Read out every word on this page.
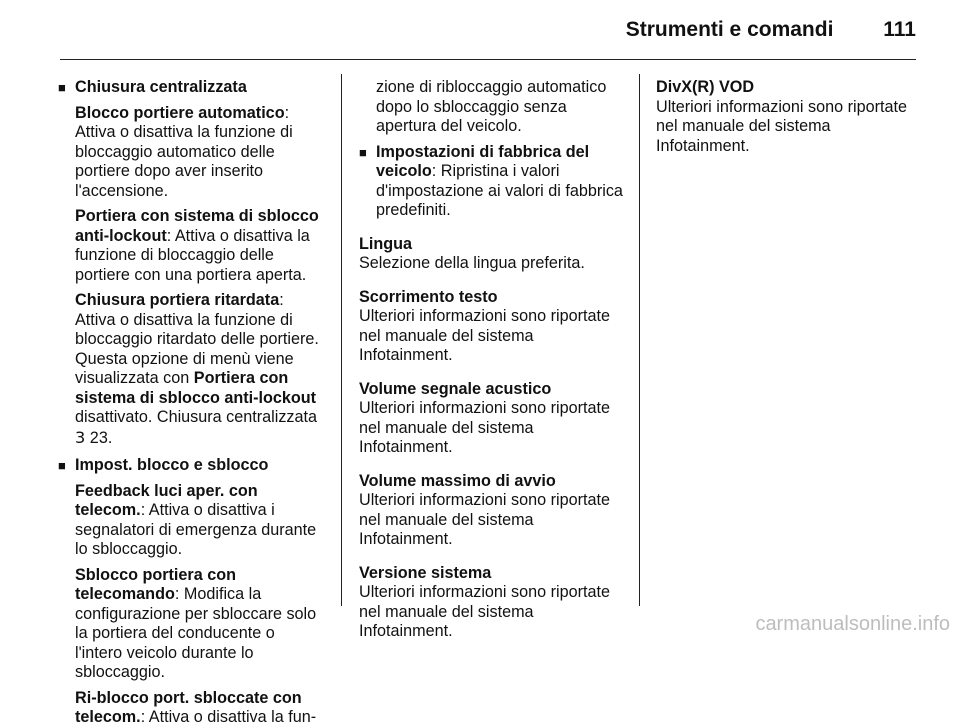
Strumenti e comandi 111
■ Chiusura centralizzata
Blocco portiere automatico: Attiva o disattiva la funzione di bloccaggio automatico delle portiere dopo aver inserito l'accensione.
Portiera con sistema di sblocco anti-lockout: Attiva o disattiva la funzione di bloccaggio delle portiere con una portiera aperta.
Chiusura portiera ritardata: Attiva o disattiva la funzione di bloccaggio ritardato delle portiere. Questa opzione di menù viene visualizzata con Portiera con sistema di sblocco anti-lockout disattivato. Chiusura centralizzata 3 23.
■ Impost. blocco e sblocco
Feedback luci aper. con telecom.: Attiva o disattiva i segnalatori di emergenza durante lo sbloccaggio.
Sblocco portiera con telecomando: Modifica la configurazione per sbloccare solo la portiera del conducente o l'intero veicolo durante lo sbloccaggio.
Ri-blocco port. sbloccate con telecom.: Attiva o disattiva la fun-
zione di ribloccaggio automatico dopo lo sbloccaggio senza apertura del veicolo.
■ Impostazioni di fabbrica del veicolo: Ripristina i valori d'impostazione ai valori di fabbrica predefiniti.
Lingua
Selezione della lingua preferita.
Scorrimento testo
Ulteriori informazioni sono riportate nel manuale del sistema Infotainment.
Volume segnale acustico
Ulteriori informazioni sono riportate nel manuale del sistema Infotainment.
Volume massimo di avvio
Ulteriori informazioni sono riportate nel manuale del sistema Infotainment.
Versione sistema
Ulteriori informazioni sono riportate nel manuale del sistema Infotainment.
DivX(R) VOD
Ulteriori informazioni sono riportate nel manuale del sistema Infotainment.
carmanualsonline.info
